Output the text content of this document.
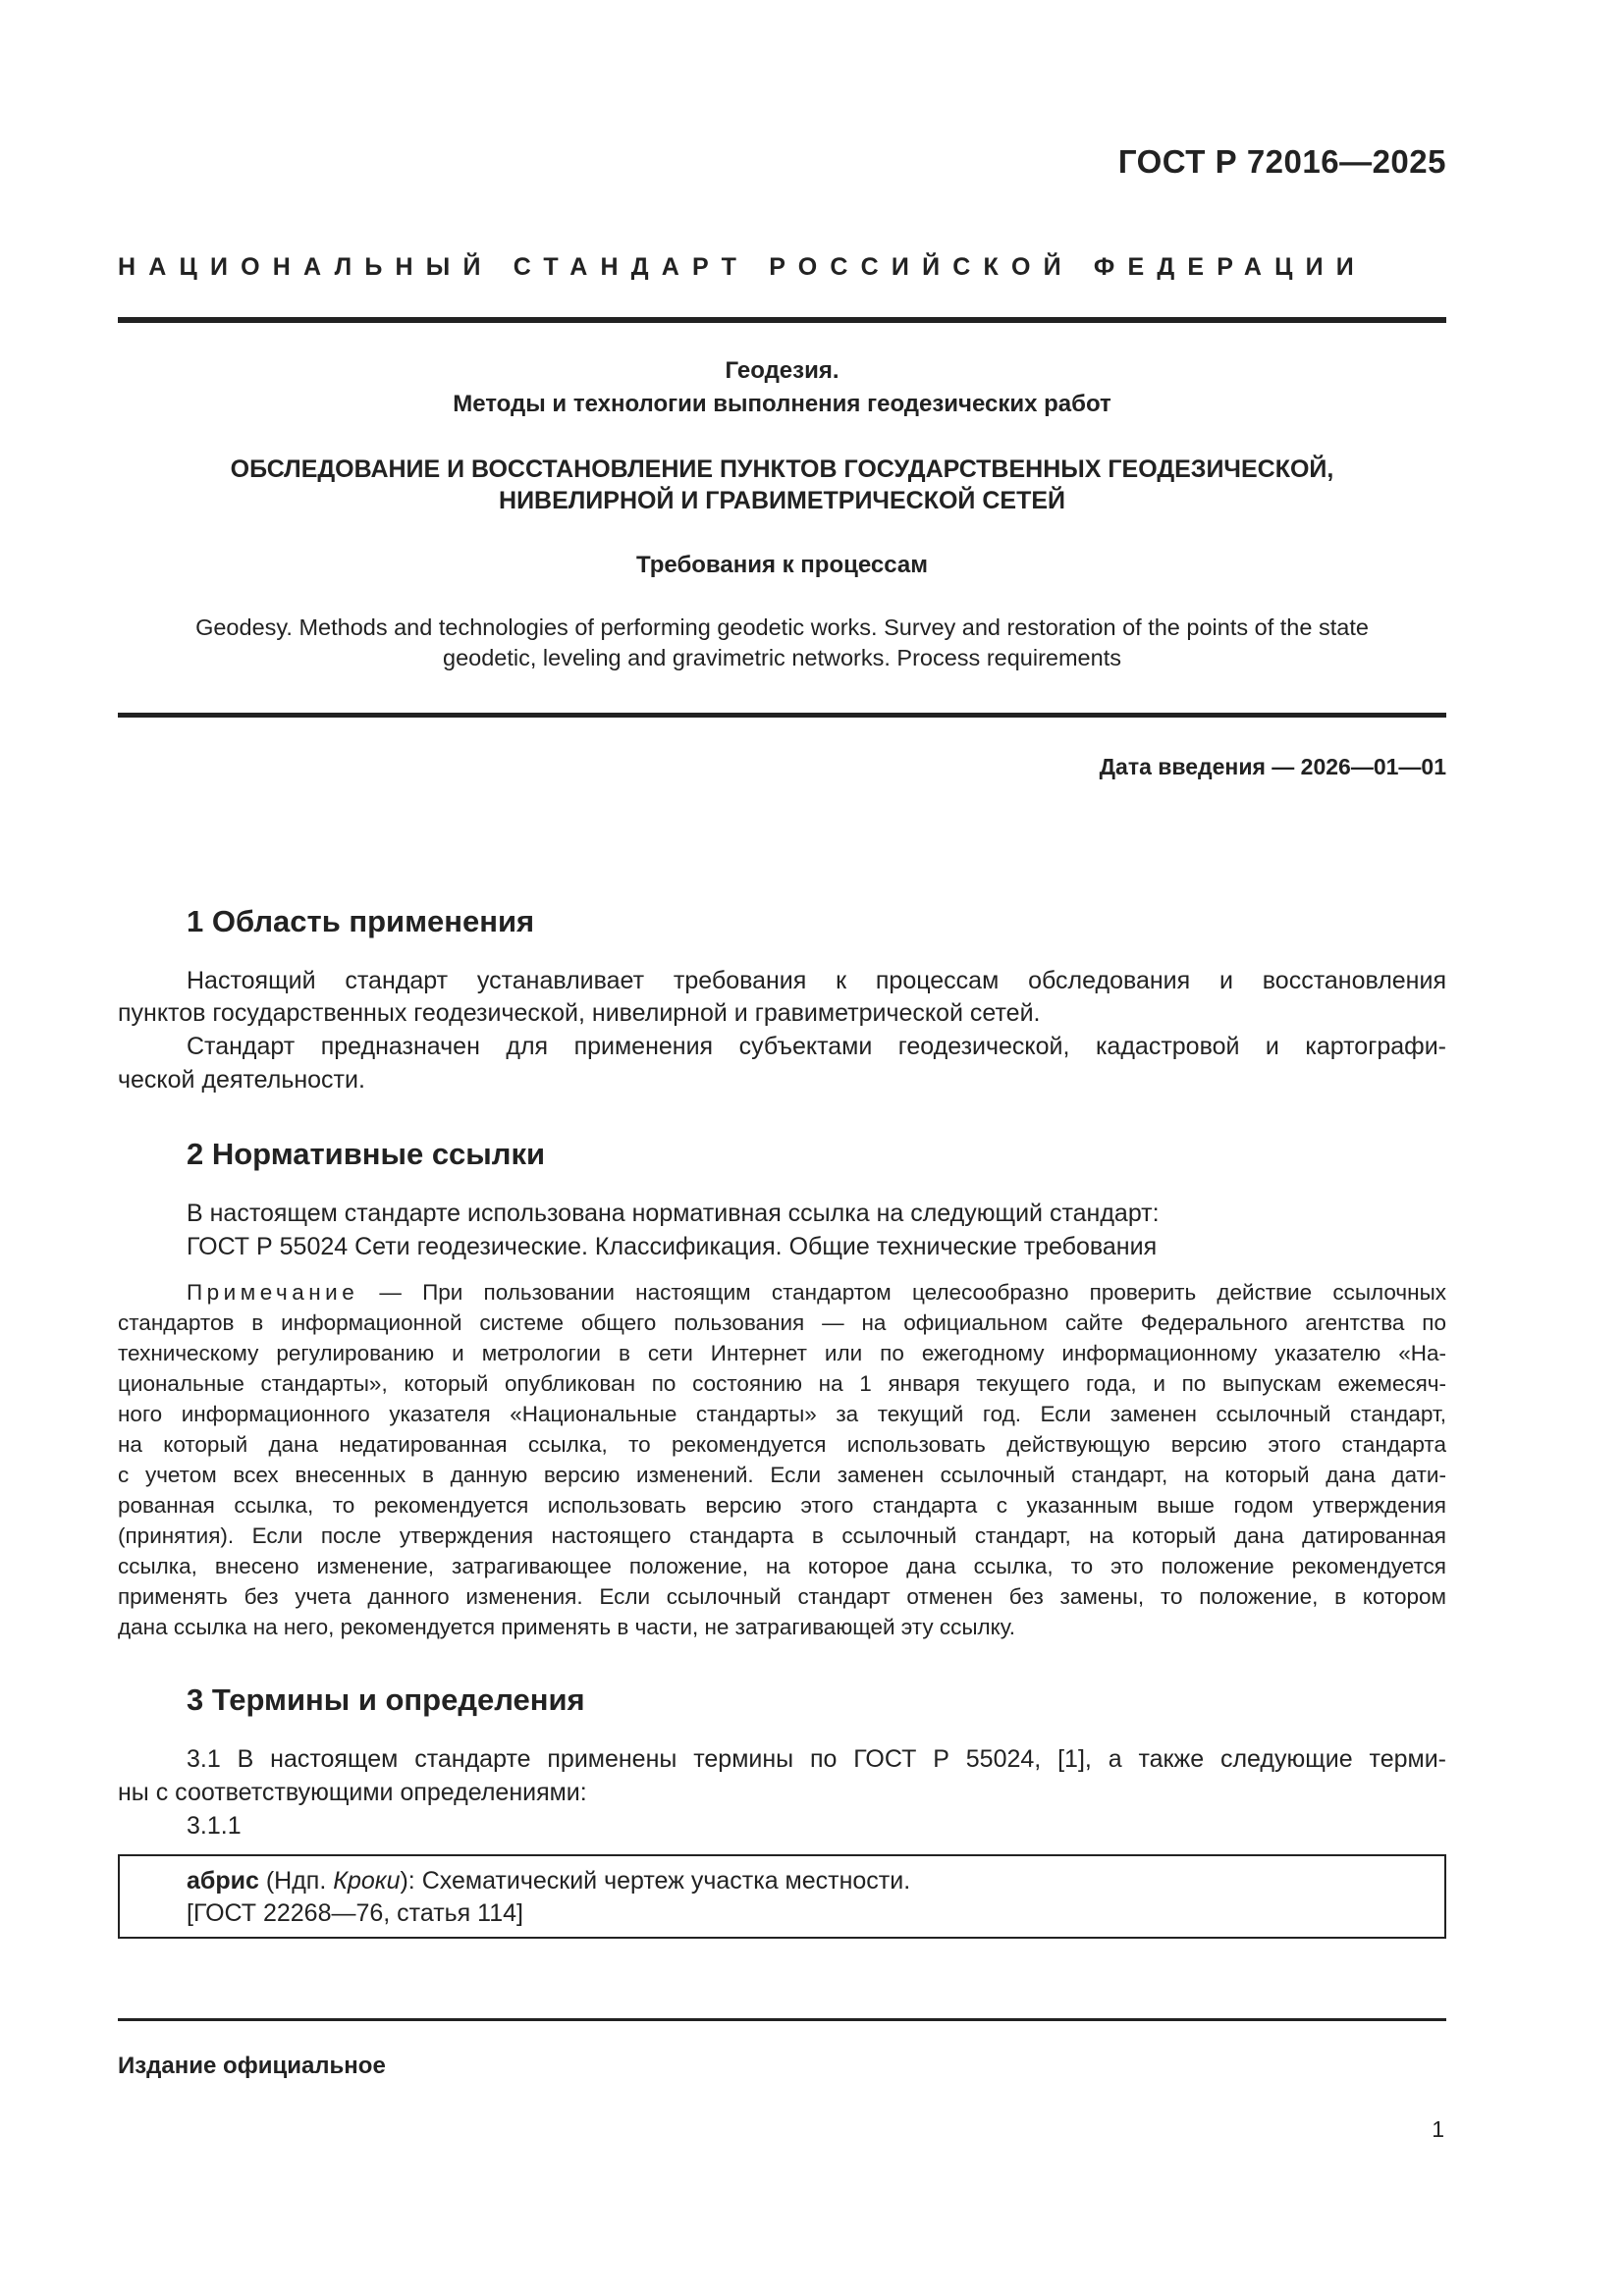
ГОСТ Р 72016—2025
НАЦИОНАЛЬНЫЙ СТАНДАРТ РОССИЙСКОЙ ФЕДЕРАЦИИ
Геодезия.
Методы и технологии выполнения геодезических работ
ОБСЛЕДОВАНИЕ И ВОССТАНОВЛЕНИЕ ПУНКТОВ ГОСУДАРСТВЕННЫХ ГЕОДЕЗИЧЕСКОЙ,
НИВЕЛИРНОЙ И ГРАВИМЕТРИЧЕСКОЙ СЕТЕЙ
Требования к процессам
Geodesy. Methods and technologies of performing geodetic works. Survey and restoration of the points of the state
geodetic, leveling and gravimetric networks. Process requirements
Дата введения — 2026—01—01
1 Область применения
Настоящий стандарт устанавливает требования к процессам обследования и восстановления
пунктов государственных геодезической, нивелирной и гравиметрической сетей.
Стандарт предназначен для применения субъектами геодезической, кадастровой и картографи-
ческой деятельности.
2 Нормативные ссылки
В настоящем стандарте использована нормативная ссылка на следующий стандарт:
ГОСТ Р 55024 Сети геодезические. Классификация. Общие технические требования
Примечание — При пользовании настоящим стандартом целесообразно проверить действие ссылочных
стандартов в информационной системе общего пользования — на официальном сайте Федерального агентства по
техническому регулированию и метрологии в сети Интернет или по ежегодному информационному указателю «На-
циональные стандарты», который опубликован по состоянию на 1 января текущего года, и по выпускам ежемесяч-
ного информационного указателя «Национальные стандарты» за текущий год. Если заменен ссылочный стандарт,
на который дана недатированная ссылка, то рекомендуется использовать действующую версию этого стандарта
с учетом всех внесенных в данную версию изменений. Если заменен ссылочный стандарт, на который дана дати-
рованная ссылка, то рекомендуется использовать версию этого стандарта с указанным выше годом утверждения
(принятия). Если после утверждения настоящего стандарта в ссылочный стандарт, на который дана датированная
ссылка, внесено изменение, затрагивающее положение, на которое дана ссылка, то это положение рекомендуется
применять без учета данного изменения. Если ссылочный стандарт отменен без замены, то положение, в котором
дана ссылка на него, рекомендуется применять в части, не затрагивающей эту ссылку.
3 Термины и определения
3.1 В настоящем стандарте применены термины по ГОСТ Р 55024, [1], а также следующие терми-
ны с соответствующими определениями:
3.1.1
абрис (Ндп. Кроки): Схематический чертеж участка местности.
[ГОСТ 22268—76, статья 114]
Издание официальное
1
